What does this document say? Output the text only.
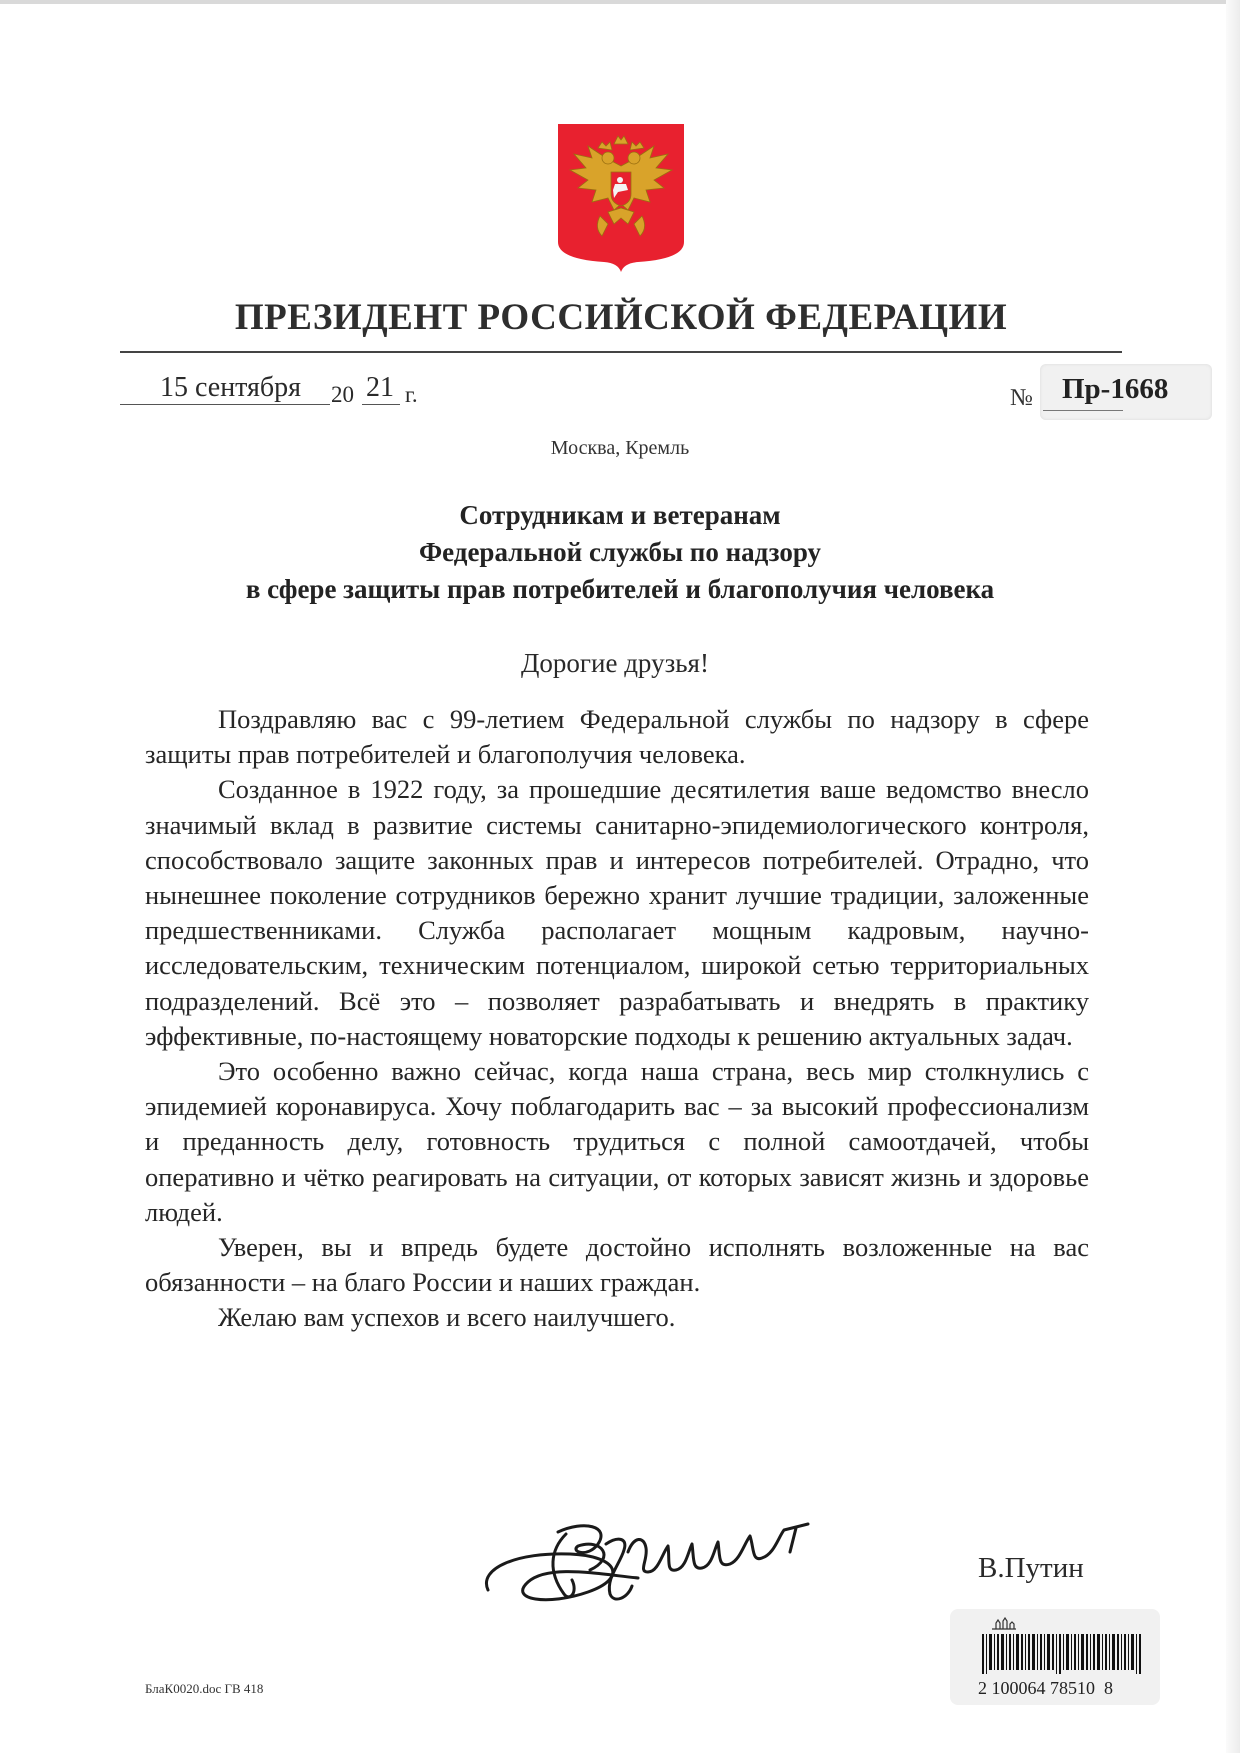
ПРЕЗИДЕНТ РОССИЙСКОЙ ФЕДЕРАЦИИ
15 сентября 20 21 г.	№ Пр-1668
Москва, Кремль
Сотрудникам и ветеранам
Федеральной службы по надзору
в сфере защиты прав потребителей и благополучия человека
Дорогие друзья!

Поздравляю вас с 99-летием Федеральной службы по надзору в сфере защиты прав потребителей и благополучия человека.

Созданное в 1922 году, за прошедшие десятилетия ваше ведомство внесло значимый вклад в развитие системы санитарно-эпидемиологического контроля, способствовало защите законных прав и интересов потребителей. Отрадно, что нынешнее поколение сотрудников бережно хранит лучшие традиции, заложенные предшественниками. Служба располагает мощным кадровым, научно-исследовательским, техническим потенциалом, широкой сетью территориальных подразделений. Всё это – позволяет разрабатывать и внедрять в практику эффективные, по-настоящему новаторские подходы к решению актуальных задач.

Это особенно важно сейчас, когда наша страна, весь мир столкнулись с эпидемией коронавируса. Хочу поблагодарить вас – за высокий профессионализм и преданность делу, готовность трудиться с полной самоотдачей, чтобы оперативно и чётко реагировать на ситуации, от которых зависят жизнь и здоровье людей.

Уверен, вы и впредь будете достойно исполнять возложенные на вас обязанности – на благо России и наших граждан.

Желаю вам успехов и всего наилучшего.

В.Путин
БлаК0020.doc ГВ 418	2 100064 78510  8
